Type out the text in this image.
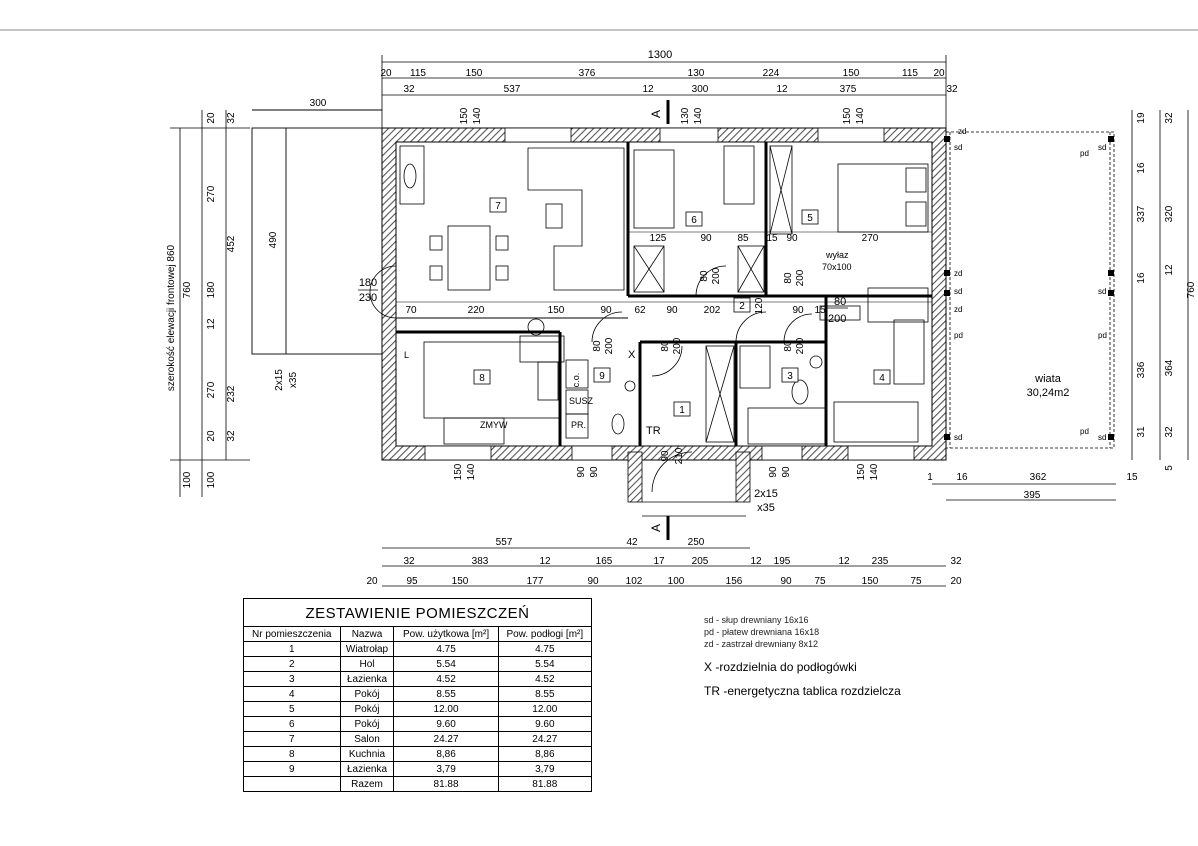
1300
20 115	150	376	130	224	150	115 20
32	537	12	300	12	375	32
szerokość elewacji frontowej 860
100
760
100
20
270
180
12
270
20
32
452
232
32
300
490
2x15 x35
150 140	130 140	150 140
150 140	90 90	90 90	150 140
180
230
1
2
3	4
5
6
7
8	9
220	150	90 62 90	202	90 15
70
125	90	85 15 90	270
120
80 200	80 200
80 200	80 200	80 200
90 210
80
200
wyłaz
70x100
c.o.
SUSZ
PR.
ZMYW
L	X
TR
wiata
30,24m2
sd
zd
pd
sd
zd
sd
zd
pd	pd
sd
sd
pd
sd
16
337
16
336
31
19 32
320
12
364
32
5
760
1 16	362	15
395
2x15
x35
A
A
557	42	250
32	383	12	165	17	205	12 195	12 235	32
20	95	150	177	90	102	100	156	90 75	150	75	20
ZESTAWIENIE POMIESZCZEŃ
Nr pomieszczenia	Nazwa	Pow. użytkowa [m²]	Pow. podłogi [m²]
1	Wiatrołap	4.75	4.75
2	Hol	5.54	5.54
3	Łazienka	4.52	4.52
4	Pokój	8.55	8.55
5	Pokój	12.00	12.00
6	Pokój	9.60	9.60
7	Salon	24.27	24.27
8	Kuchnia	8,86	8,86
9	Łazienka	3,79	3,79
	Razem	81.88	81.88
sd - słup drewniany 16x16
pd - płatew drewniana 16x18
zd - zastrzał drewniany 8x12
X -rozdzielnia do podłogówki
TR -energetyczna tablica rozdzielcza
